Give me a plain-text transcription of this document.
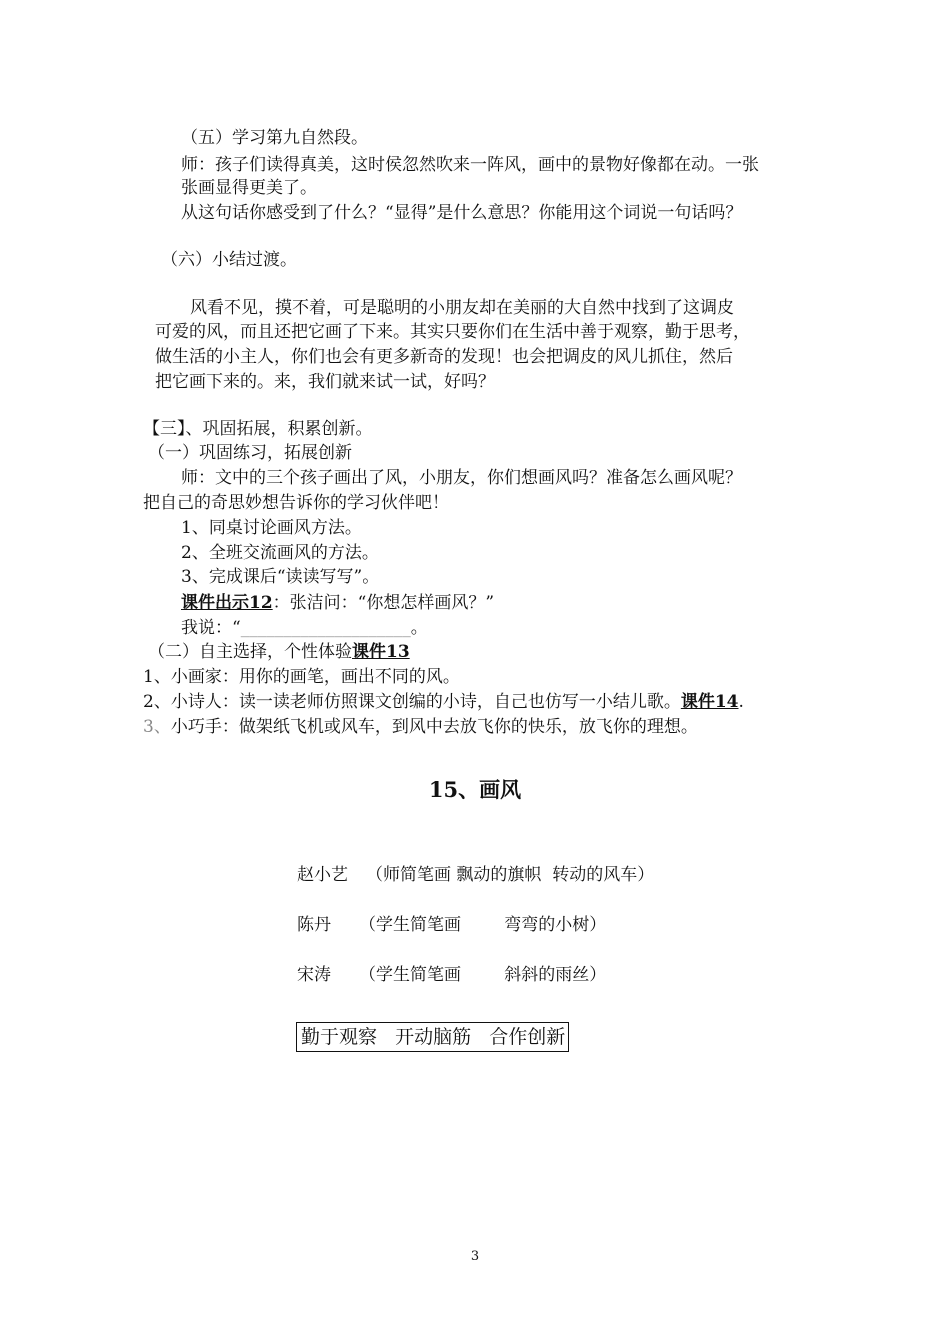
（五）学习第九自然段。
师：孩子们读得真美，这时侯忽然吹来一阵风，画中的景物好像都在动。一张
张画显得更美了。
从这句话你感受到了什么？“显得”是什么意思？你能用这个词说一句话吗？
（六）小结过渡。
风看不见，摸不着，可是聪明的小朋友却在美丽的大自然中找到了这调皮
可爱的风，而且还把它画了下来。其实只要你们在生活中善于观察，勤于思考，
做生活的小主人，你们也会有更多新奇的发现！也会把调皮的风儿抓住，然后
把它画下来的。来，我们就来试一试，好吗？
【三】、巩固拓展，积累创新。
（一）巩固练习，拓展创新
师：文中的三个孩子画出了风，小朋友，你们想画风吗？准备怎么画风呢？
把自己的奇思妙想告诉你的学习伙伴吧！
1、同桌讨论画风方法。
2、全班交流画风的方法。
3、完成课后“读读写写”。
课件出示12：张洁问：“你想怎样画风？”
我说：“____________________。
（二）自主选择，个性体验课件13
1、小画家：用你的画笔，画出不同的风。
2、小诗人：读一读老师仿照课文创编的小诗，自己也仿写一小结儿歌。课件14.
3、小巧手：做架纸飞机或风车，到风中去放飞你的快乐，放飞你的理想。
15、画风
赵小艺 （师简笔画 飘动的旗帜  转动的风车）
陈丹 （学生简笔画        弯弯的小树）
宋涛 （学生简笔画        斜斜的雨丝）
勤于观察   开动脑筋   合作创新
3
